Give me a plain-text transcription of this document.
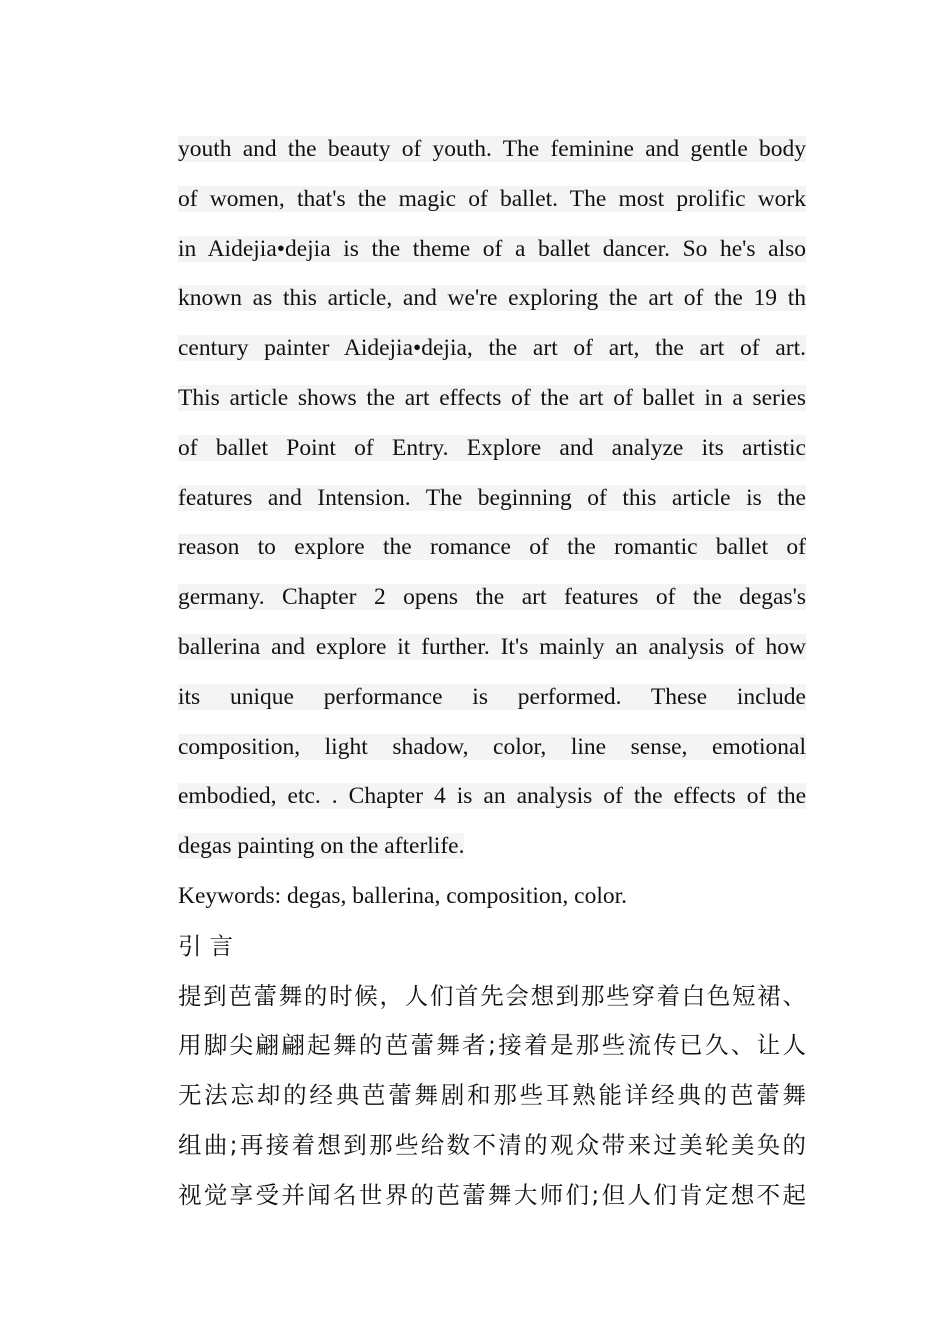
youth and the beauty of youth. The feminine and gentle body
of women, that's the magic of ballet. The most prolific work
in Aidejia•dejia is the theme of a ballet dancer. So he's also
known as this article, and we're exploring the art of the 19 th
century painter Aidejia•dejia, the art of art, the art of art.
This article shows the art effects of the art of ballet in a series
of ballet Point of Entry. Explore and analyze its artistic
features and Intension. The beginning of this article is the
reason to explore the romance of the romantic ballet of
germany. Chapter 2 opens the art features of the degas's
ballerina and explore it further. It's mainly an analysis of how
its unique performance is performed. These include
composition, light shadow, color, line sense, emotional
embodied, etc. . Chapter 4 is an analysis of the effects of the
degas painting on the afterlife.
Keywords: degas, ballerina, composition, color.
引言
提到芭蕾舞的时候，人们首先会想到那些穿着白色短裙、
用脚尖翩翩起舞的芭蕾舞者;接着是那些流传已久、让人
无法忘却的经典芭蕾舞剧和那些耳熟能详经典的芭蕾舞
组曲;再接着想到那些给数不清的观众带来过美轮美奂的
视觉享受并闻名世界的芭蕾舞大师们;但人们肯定想不起
